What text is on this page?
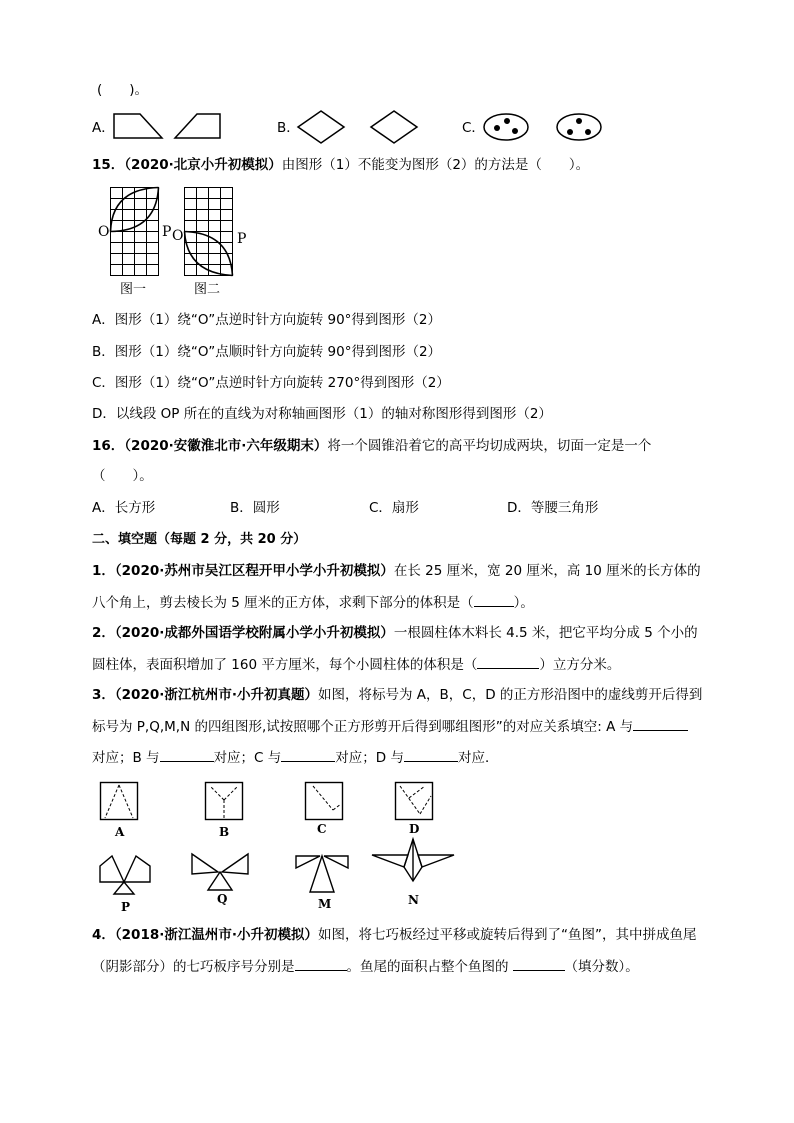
(　　)。
A．	B．	C．
15．（2020·北京小升初模拟）由图形（1）不能变为图形（2）的方法是（　　）。
O	P O	P
图一	图二
A．图形（1）绕“O”点逆时针方向旋转 90°得到图形（2）
B．图形（1）绕“O”点顺时针方向旋转 90°得到图形（2）
C．图形（1）绕“O”点逆时针方向旋转 270°得到图形（2）
D．以线段 OP 所在的直线为对称轴画图形（1）的轴对称图形得到图形（2）
16．（2020·安徽淮北市·六年级期末）将一个圆锥沿着它的高平均切成两块，切面一定是一个
（　　）。
A．长方形	B．圆形	C．扇形	D．等腰三角形
二、填空题（每题 2 分，共 20 分）
1．（2020·苏州市吴江区程开甲小学小升初模拟）在长 25 厘米，宽 20 厘米，高 10 厘米的长方体的
八个角上，剪去棱长为 5 厘米的正方体，求剩下部分的体积是（	）。
2．（2020·成都外国语学校附属小学小升初模拟）一根圆柱体木料长 4.5 米，把它平均分成 5 个小的
圆柱体，表面积增加了 160 平方厘米，每个小圆柱体的体积是（	）立方分米。
3．（2020·浙江杭州市·小升初真题）如图，将标号为 A，B，C，D 的正方形沿图中的虚线剪开后得到
标号为 P,Q,M,N 的四组图形,试按照哪个正方形剪开后得到哪组图形”的对应关系填空: A 与
对应；B 与	对应；C 与	对应；D 与	对应．
A	B	C	D
P
Q	M	N
4．（2018·浙江温州市·小升初模拟）如图，将七巧板经过平移或旋转后得到了“鱼图”，其中拼成鱼尾
（阴影部分）的七巧板序号分别是	。鱼尾的面积占整个鱼图的	（填分数）。
